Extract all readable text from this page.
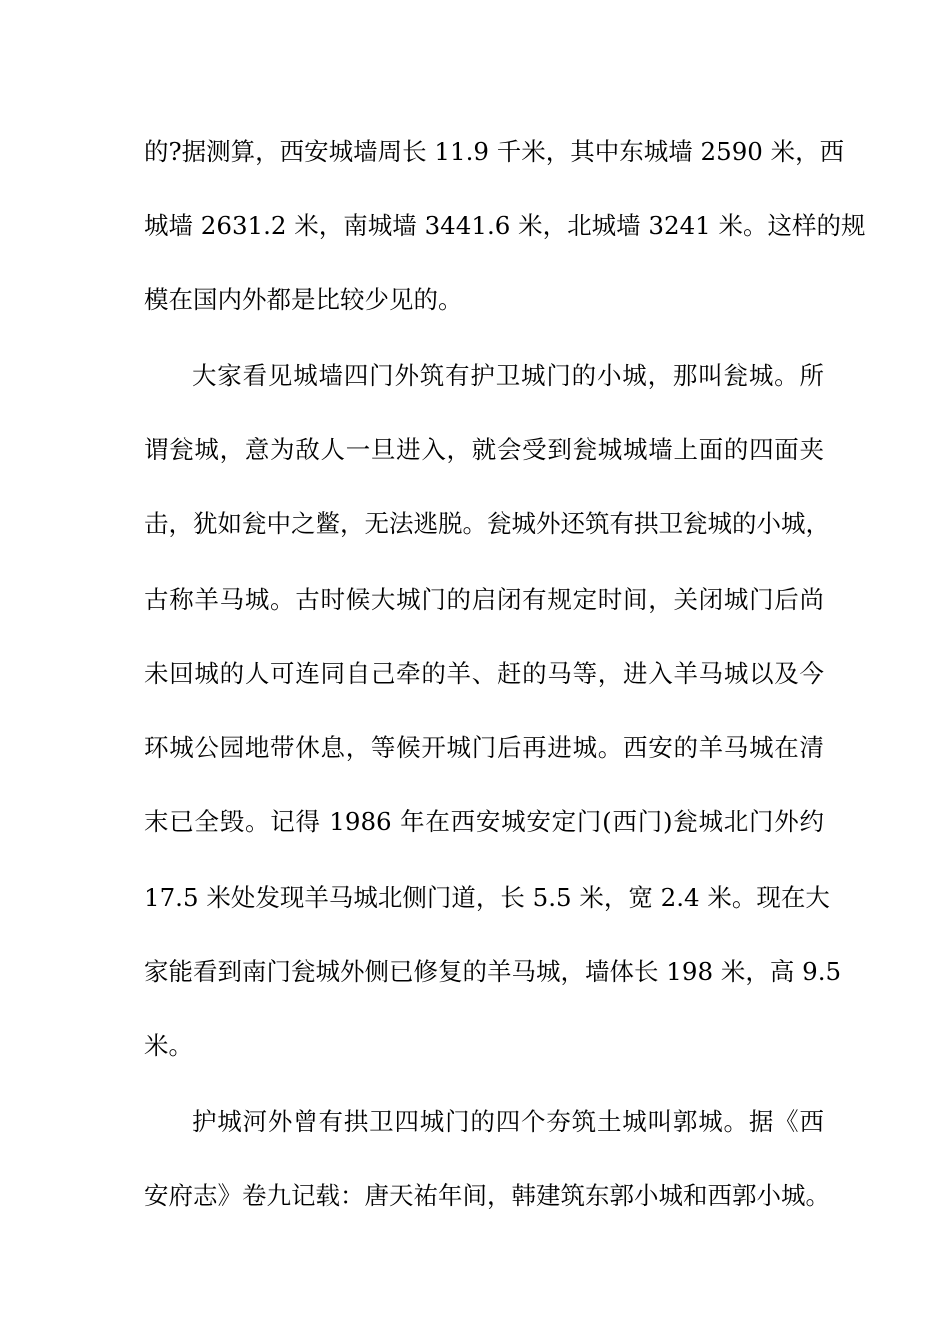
的?据测算，西安城墙周长 11.9 千米，其中东城墙 2590 米，西
城墙 2631.2 米，南城墙 3441.6 米，北城墙 3241 米。这样的规
模在国内外都是比较少见的。
大家看见城墙四门外筑有护卫城门的小城，那叫瓮城。所
谓瓮城，意为敌人一旦进入，就会受到瓮城城墙上面的四面夹
击，犹如瓮中之鳖，无法逃脱。瓮城外还筑有拱卫瓮城的小城，
古称羊马城。古时候大城门的启闭有规定时间，关闭城门后尚
未回城的人可连同自己牵的羊、赶的马等，进入羊马城以及今
环城公园地带休息，等候开城门后再进城。西安的羊马城在清
末已全毁。记得 1986 年在西安城安定门(西门)瓮城北门外约
17.5 米处发现羊马城北侧门道，长 5.5 米，宽 2.4 米。现在大
家能看到南门瓮城外侧已修复的羊马城，墙体长 198 米，高 9.5
米。
护城河外曾有拱卫四城门的四个夯筑土城叫郭城。据《西
安府志》卷九记载：唐天祐年间，韩建筑东郭小城和西郭小城。
